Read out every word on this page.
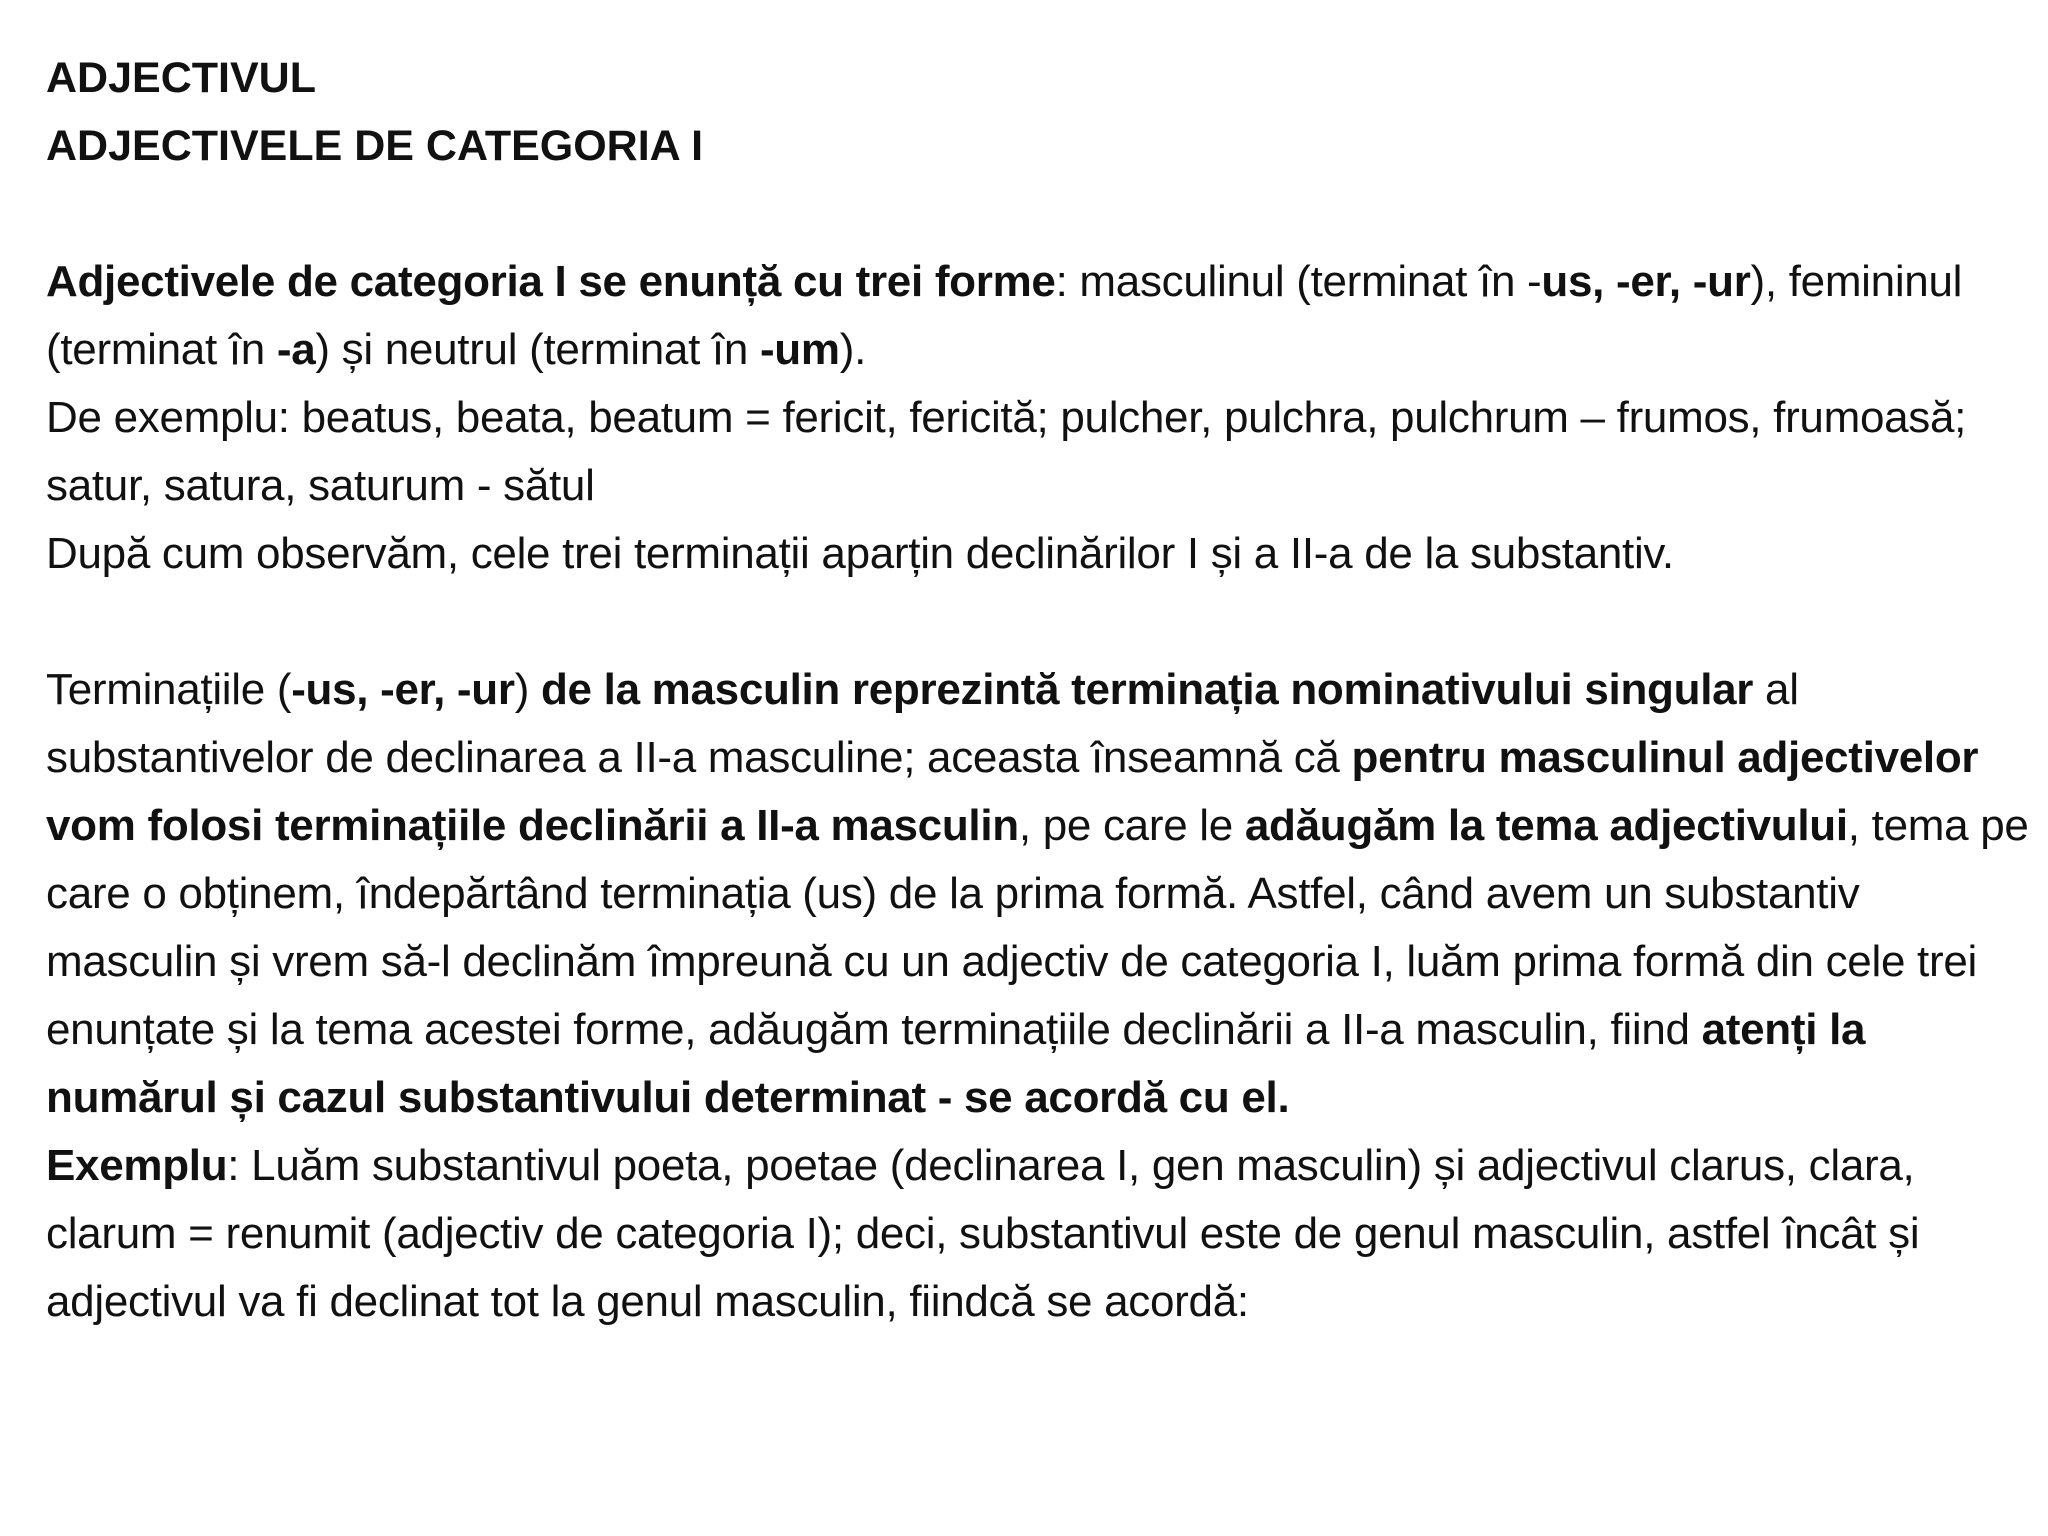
ADJECTIVUL
ADJECTIVELE DE CATEGORIA I

Adjectivele de categoria I se enunță cu trei forme: masculinul (terminat în -us, -er, -ur), femininul (terminat în -a) și neutrul (terminat în -um).

De exemplu: beatus, beata, beatum = fericit, fericită; pulcher, pulchra, pulchrum – frumos, frumoasă; satur, satura, saturum - sătul

După cum observăm, cele trei terminații aparțin declinărilor I și a II-a de la substantiv.

Terminațiile (-us, -er, -ur) de la masculin reprezintă terminația nominativului singular al substantivelor de declinarea a II-a masculine; aceasta înseamnă că pentru masculinul adjectivelor vom folosi terminațiile declinării a II-a masculin, pe care le adăugăm la tema adjectivului, tema pe care o obținem, îndepărtând terminația (us) de la prima formă. Astfel, când avem un substantiv masculin și vrem să-l declinăm împreună cu un adjectiv de categoria I, luăm prima formă din cele trei enunțate și la tema acestei forme, adăugăm terminațiile declinării a II-a masculin, fiind atenți la numărul și cazul substantivului determinat - se acordă cu el.

Exemplu: Luăm substantivul poeta, poetae (declinarea I, gen masculin) și adjectivul clarus, clara, clarum = renumit (adjectiv de categoria I); deci, substantivul este de genul masculin, astfel încât și adjectivul va fi declinat tot la genul masculin, fiindcă se acordă:
